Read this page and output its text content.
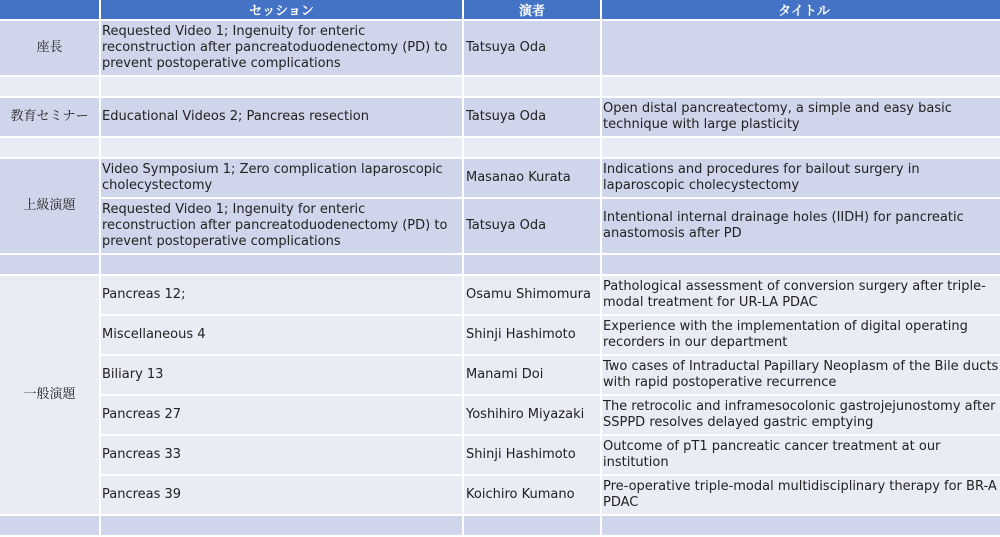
	セッション	演者	タイトル
座長	Requested Video 1; Ingenuity for enteric reconstruction after pancreatoduodenectomy (PD) to prevent postoperative complications	Tatsuya Oda	

教育セミナー	Educational Videos 2; Pancreas resection	Tatsuya Oda	Open distal pancreatectomy, a simple and easy basic technique with large plasticity

上級演題	Video Symposium 1; Zero complication laparoscopic cholecystectomy	Masanao Kurata	Indications and procedures for bailout surgery in laparoscopic cholecystectomy
	Requested Video 1; Ingenuity for enteric reconstruction after pancreatoduodenectomy (PD) to prevent postoperative complications	Tatsuya Oda	Intentional internal drainage holes (IIDH) for pancreatic anastomosis after PD

一般演題	Pancreas 12;	Osamu Shimomura	Pathological assessment of conversion surgery after triple-modal treatment for UR-LA PDAC
	Miscellaneous 4	Shinji Hashimoto	Experience with the implementation of digital operating recorders in our department
	Biliary 13	Manami Doi	Two cases of Intraductal Papillary Neoplasm of the Bile ducts with rapid postoperative recurrence
	Pancreas 27	Yoshihiro Miyazaki	The retrocolic and inframesocolonic gastrojejunostomy after SSPPD resolves delayed gastric emptying
	Pancreas 33	Shinji Hashimoto	Outcome of pT1 pancreatic cancer treatment at our institution
	Pancreas 39	Koichiro Kumano	Pre-operative triple-modal multidisciplinary therapy for BR-A PDAC
